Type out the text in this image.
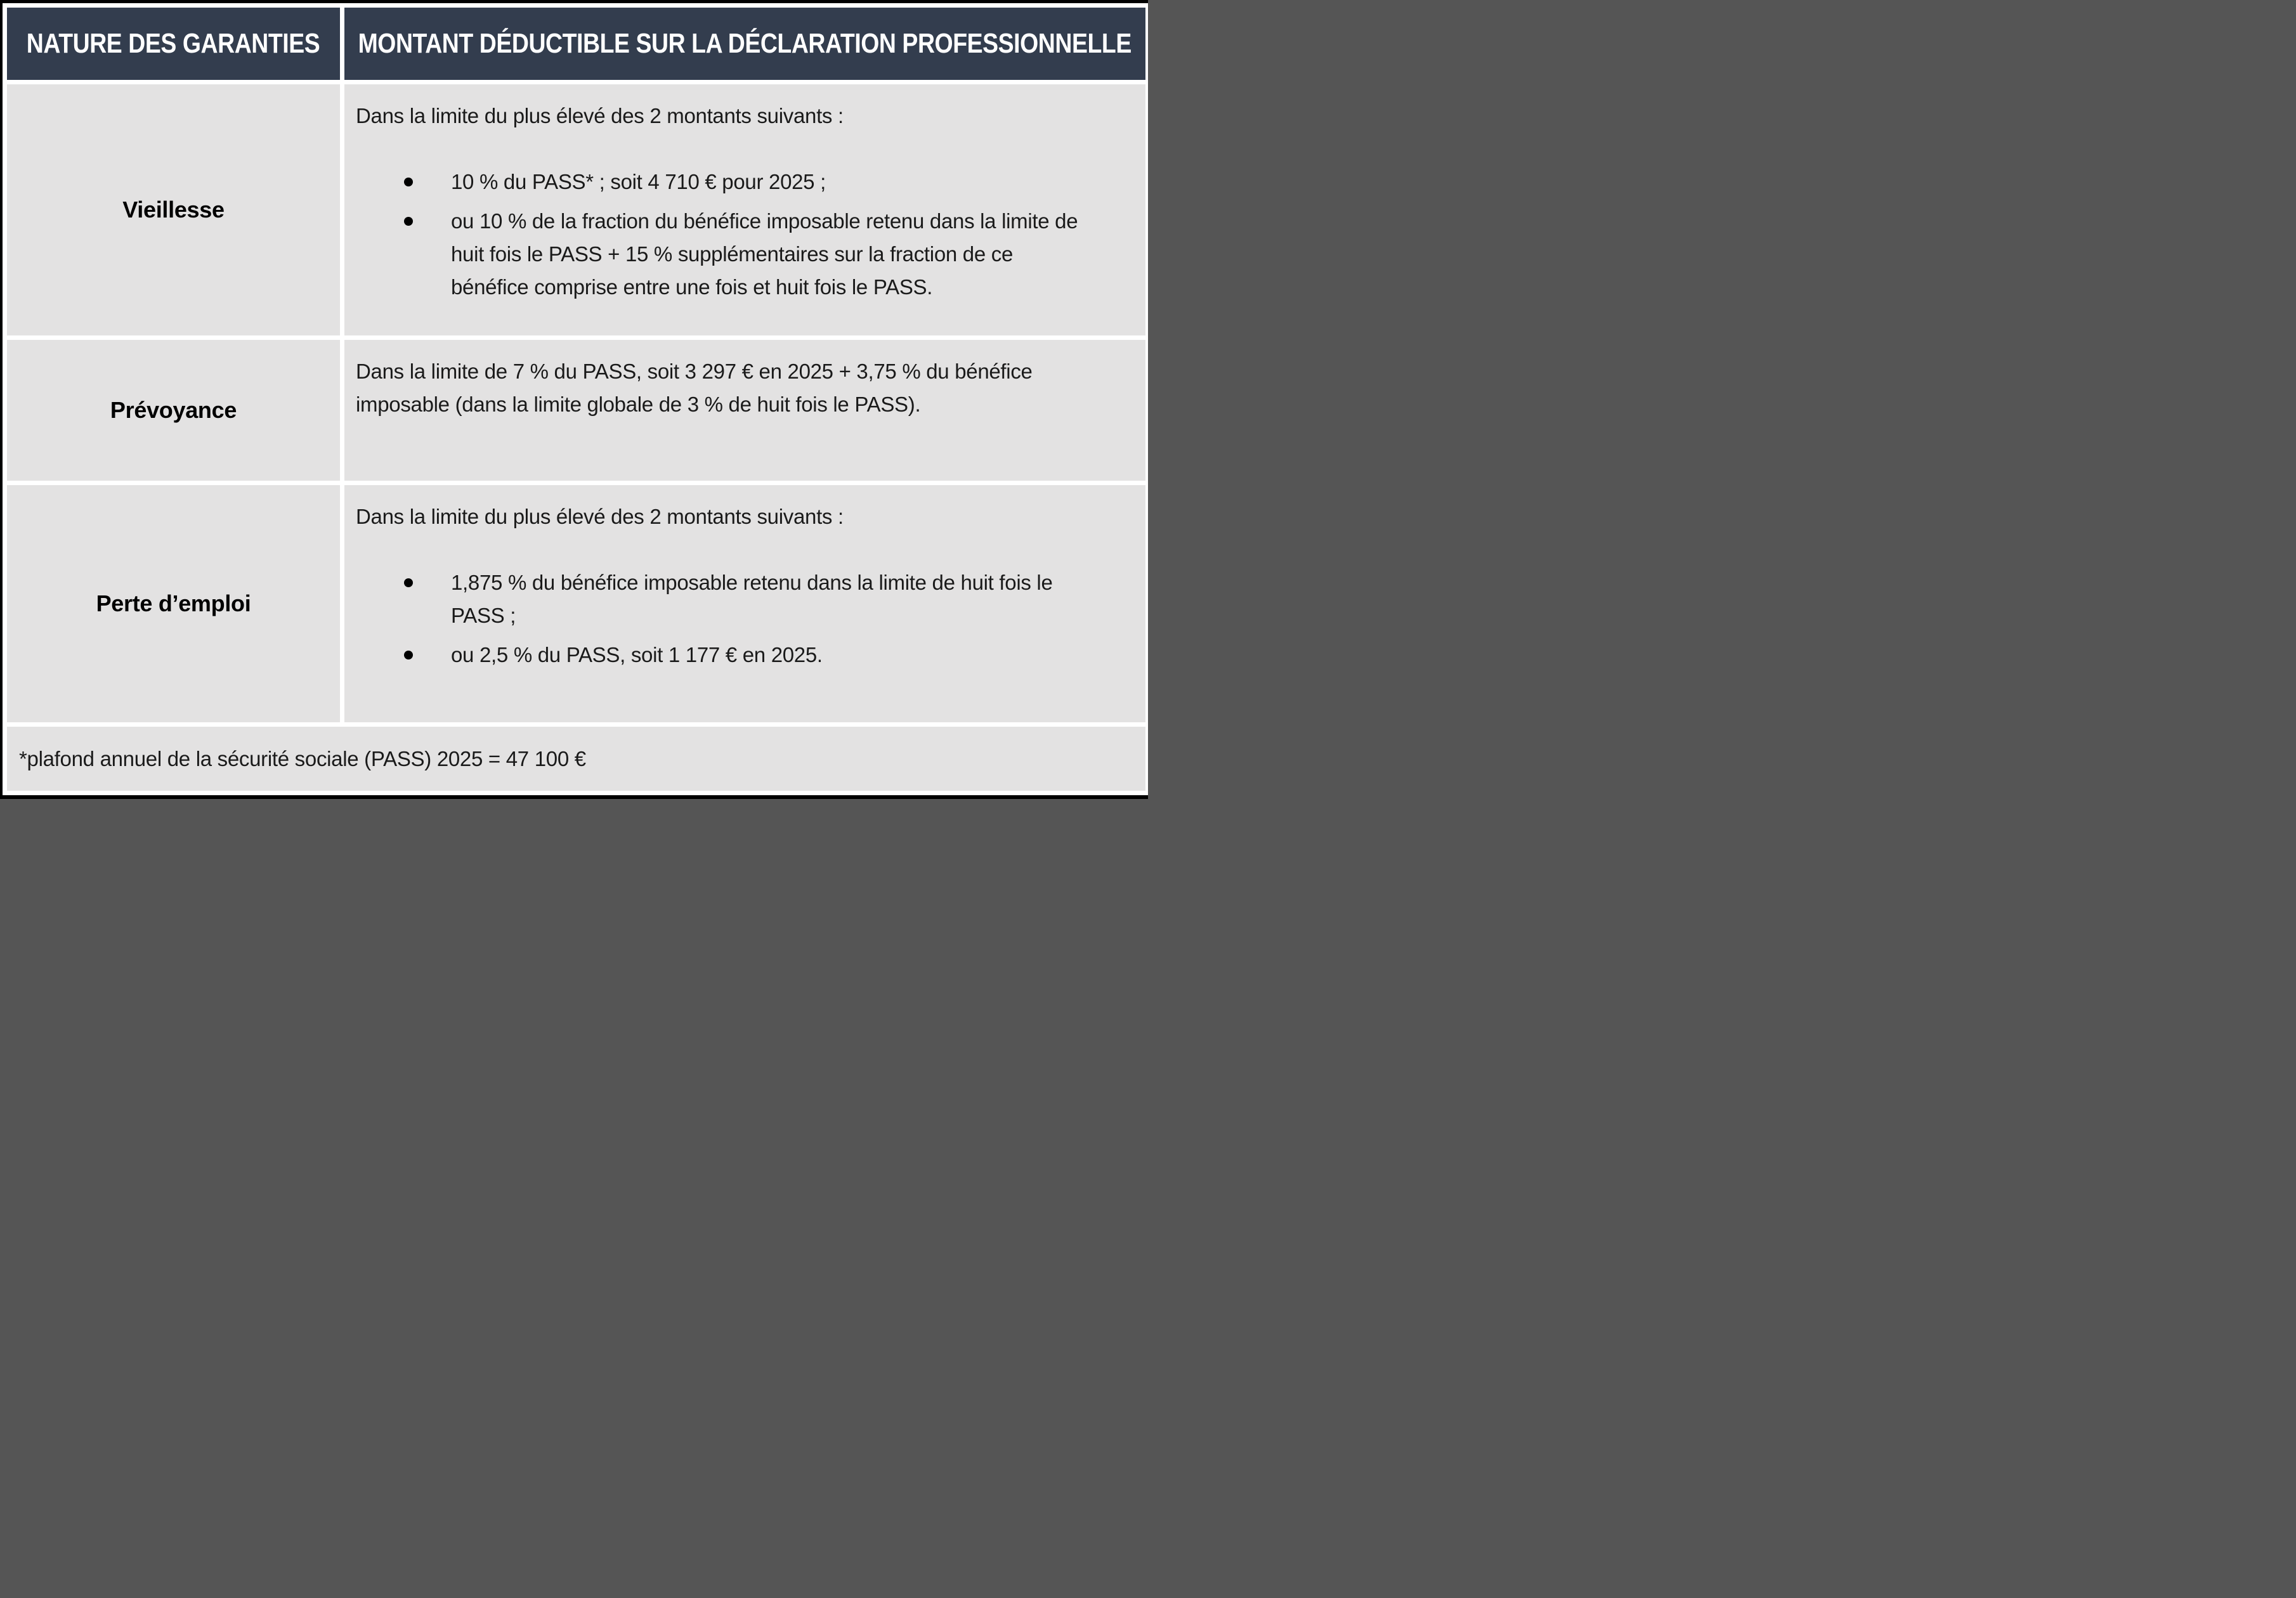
NATURE DES GARANTIES MONTANT DÉDUCTIBLE SUR LA DÉCLARATION PROFESSIONNELLE
Vieillesse

Dans la limite du plus élevé des 2 montants suivants :

10 % du PASS* ; soit 4 710 € pour 2025 ;
ou 10 % de la fraction du bénéfice imposable retenu dans la limite de huit fois le PASS + 15 % supplémentaires sur la fraction de ce bénéfice comprise entre une fois et huit fois le PASS.
Prévoyance

Dans la limite de 7 % du PASS, soit 3 297 € en 2025 + 3,75 % du bénéfice imposable (dans la limite globale de 3 % de huit fois le PASS).

Perte d’emploi

Dans la limite du plus élevé des 2 montants suivants :

1,875 % du bénéfice imposable retenu dans la limite de huit fois le PASS ;
ou 2,5 % du PASS, soit 1 177 € en 2025.
*plafond annuel de la sécurité sociale (PASS) 2025 = 47 100 €
